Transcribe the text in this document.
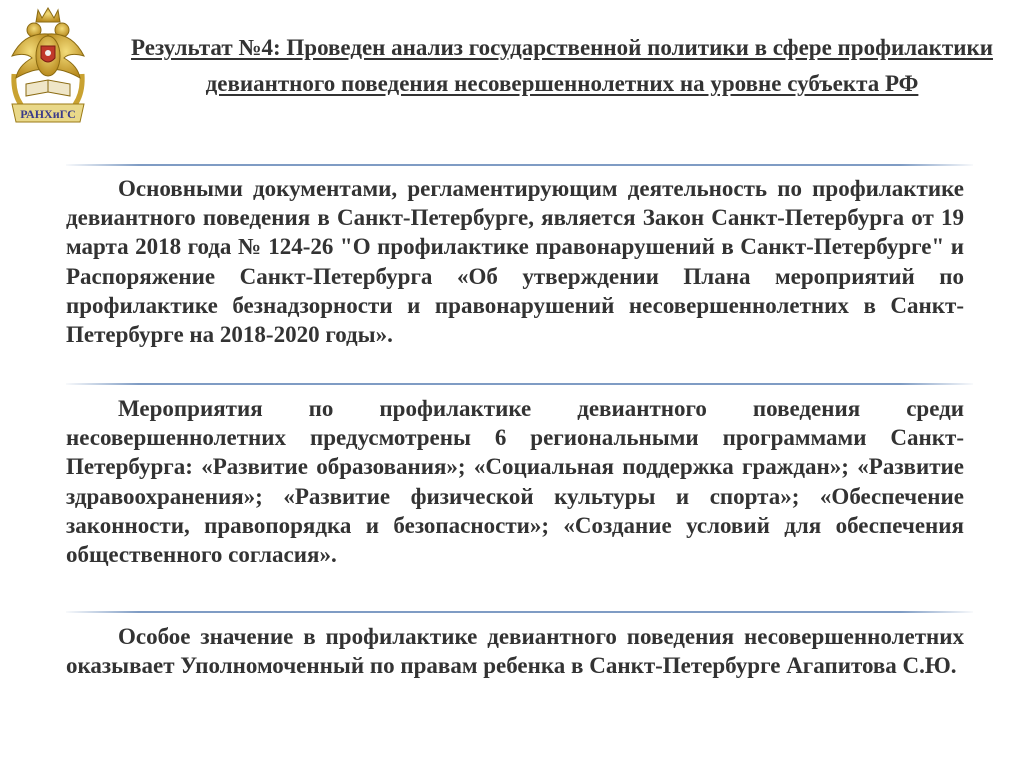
РАНХиГС
Результат №4: Проведен анализ государственной политики в сфере профилактики девиантного поведения несовершеннолетних на уровне субъекта РФ
Основными документами, регламентирующим деятельность по профилактике девиантного поведения в Санкт-Петербурге, является Закон Санкт-Петербурга от 19 марта 2018 года № 124-26 "О профилактике правонарушений в Санкт-Петербурге" и Распоряжение Санкт-Петербурга «Об утверждении Плана мероприятий по профилактике безнадзорности и правонарушений несовершеннолетних в Санкт-Петербурге на 2018-2020 годы».
Мероприятия по профилактике девиантного поведения среди несовершеннолетних предусмотрены 6 региональными программами Санкт-Петербурга: «Развитие образования»; «Социальная поддержка граждан»; «Развитие здравоохранения»; «Развитие физической культуры и спорта»; «Обеспечение законности, правопорядка и безопасности»; «Создание условий для обеспечения общественного согласия».
Особое значение в профилактике девиантного поведения несовершеннолетних оказывает Уполномоченный по правам ребенка в Санкт-Петербурге Агапитова С.Ю.
